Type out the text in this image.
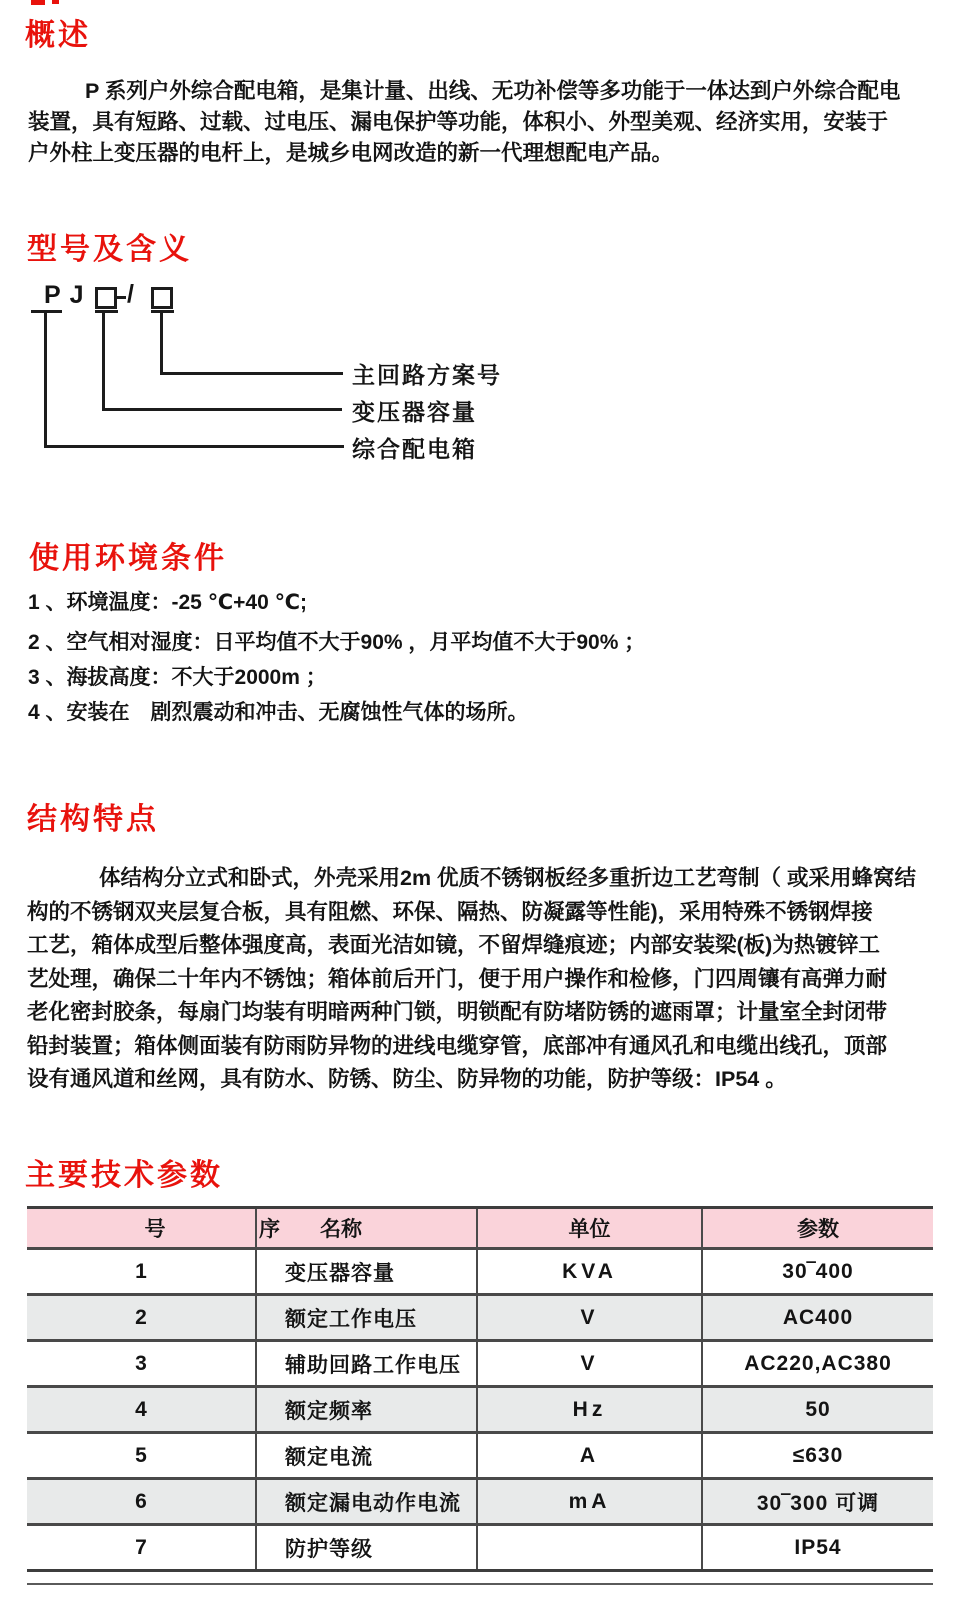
概述
P 系列户外综合配电箱，是集计量、出线、无功补偿等多功能于一体达到户外综合配电
装置，具有短路、过载、过电压、漏电保护等功能，体积小、外型美观、经济实用，安装于
户外柱上变压器的电杆上，是城乡电网改造的新一代理想配电产品。
型号及含义
PJ /
主回路方案号
变压器容量
综合配电箱
使用环境条件
1 、环境温度：-25 ℃+40 ℃;
2 、空气相对湿度：日平均值不大于90% ，月平均值不大于90% ；
3 、海拔高度：不大于2000m ；
4 、安装在　剧烈震动和冲击、无腐蚀性气体的场所。
结构特点
体结构分立式和卧式，外壳采用2m 优质不锈钢板经多重折边工艺弯制（ 或采用蜂窝结
构的不锈钢双夹层复合板，具有阻燃、环保、隔热、防凝露等性能)，采用特殊不锈钢焊接
工艺，箱体成型后整体强度高，表面光洁如镜，不留焊缝痕迹；内部安装梁(板)为热镀锌工
艺处理，确保二十年内不锈蚀；箱体前后开门，便于用户操作和检修，门四周镶有高弹力耐
老化密封胶条，每扇门均装有明暗两种门锁，明锁配有防堵防锈的遮雨罩；计量室全封闭带
铅封装置；箱体侧面装有防雨防异物的进线电缆穿管，底部冲有通风孔和电缆出线孔，顶部
设有通风道和丝网，具有防水、防锈、防尘、防异物的功能，防护等级：IP54 。
主要技术参数
号	序 名称	单位	参数
1	变压器容量	KVA	30‾400
2	额定工作电压	V	AC400
3	辅助回路工作电压	V	AC220,AC380
4	额定频率	Hz	50
5	额定电流	A	≤630
6	额定漏电动作电流	mA	30‾300 可调
7	防护等级		IP54
